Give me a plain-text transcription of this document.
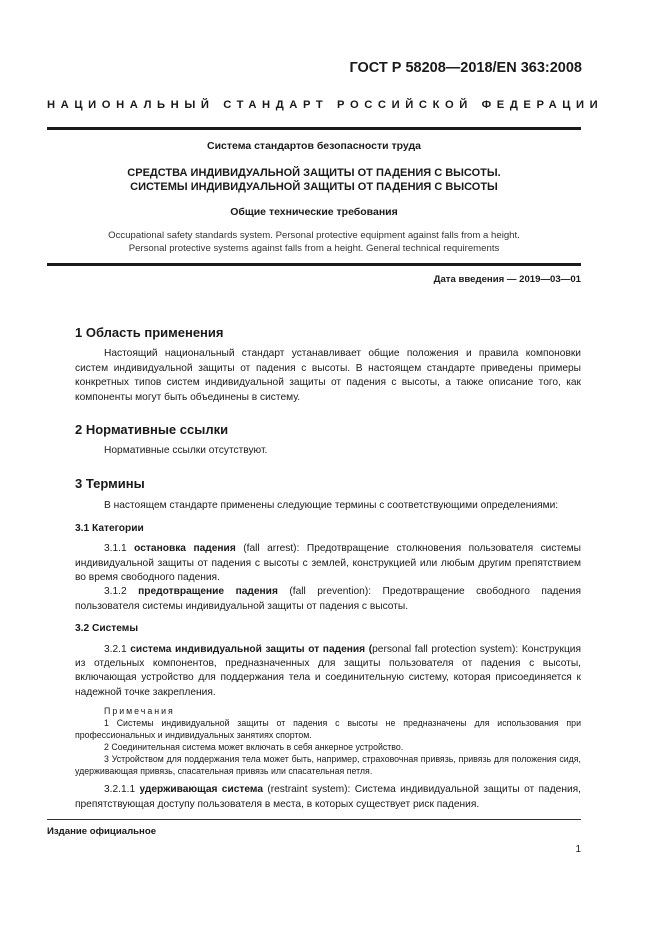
ГОСТ Р 58208—2018/EN 363:2008
НАЦИОНАЛЬНЫЙ СТАНДАРТ РОССИЙСКОЙ ФЕДЕРАЦИИ
Система стандартов безопасности труда
СРЕДСТВА ИНДИВИДУАЛЬНОЙ ЗАЩИТЫ ОТ ПАДЕНИЯ С ВЫСОТЫ.
СИСТЕМЫ ИНДИВИДУАЛЬНОЙ ЗАЩИТЫ ОТ ПАДЕНИЯ С ВЫСОТЫ
Общие технические требования
Occupational safety standards system. Personal protective equipment against falls from a height.
Personal protective systems against falls from a height. General technical requirements
Дата введения — 2019—03—01
1 Область применения

Настоящий национальный стандарт устанавливает общие положения и правила компоновки систем индивидуальной защиты от падения с высоты. В настоящем стандарте приведены примеры конкретных типов систем индивидуальной защиты от падения с высоты, а также описание того, как компоненты могут быть объединены в систему.

2 Нормативные ссылки

Нормативные ссылки отсутствуют.

3 Термины

В настоящем стандарте применены следующие термины с соответствующими определениями:

3.1 Категории

3.1.1 остановка падения (fall arrest): Предотвращение столкновения пользователя системы индивидуальной защиты от падения с высоты с землей, конструкцией или любым другим препятствием во время свободного падения.

3.1.2 предотвращение падения (fall prevention): Предотвращение свободного падения пользователя системы индивидуальной защиты от падения с высоты.

3.2 Системы

3.2.1 система индивидуальной защиты от падения (personal fall protection system): Конструкция из отдельных компонентов, предназначенных для защиты пользователя от падения с высоты, включающая устройство для поддержания тела и соединительную систему, которая присоединяется к надежной точке закрепления.

Примечания

1 Системы индивидуальной защиты от падения с высоты не предназначены для использования при профессиональных и индивидуальных занятиях спортом.

2 Соединительная система может включать в себя анкерное устройство.

3 Устройством для поддержания тела может быть, например, страховочная привязь, привязь для положения сидя, удерживающая привязь, спасательная привязь или спасательная петля.

3.2.1.1 удерживающая система (restraint system): Система индивидуальной защиты от падения, препятствующая доступу пользователя в места, в которых существует риск падения.

Издание официальное
1
